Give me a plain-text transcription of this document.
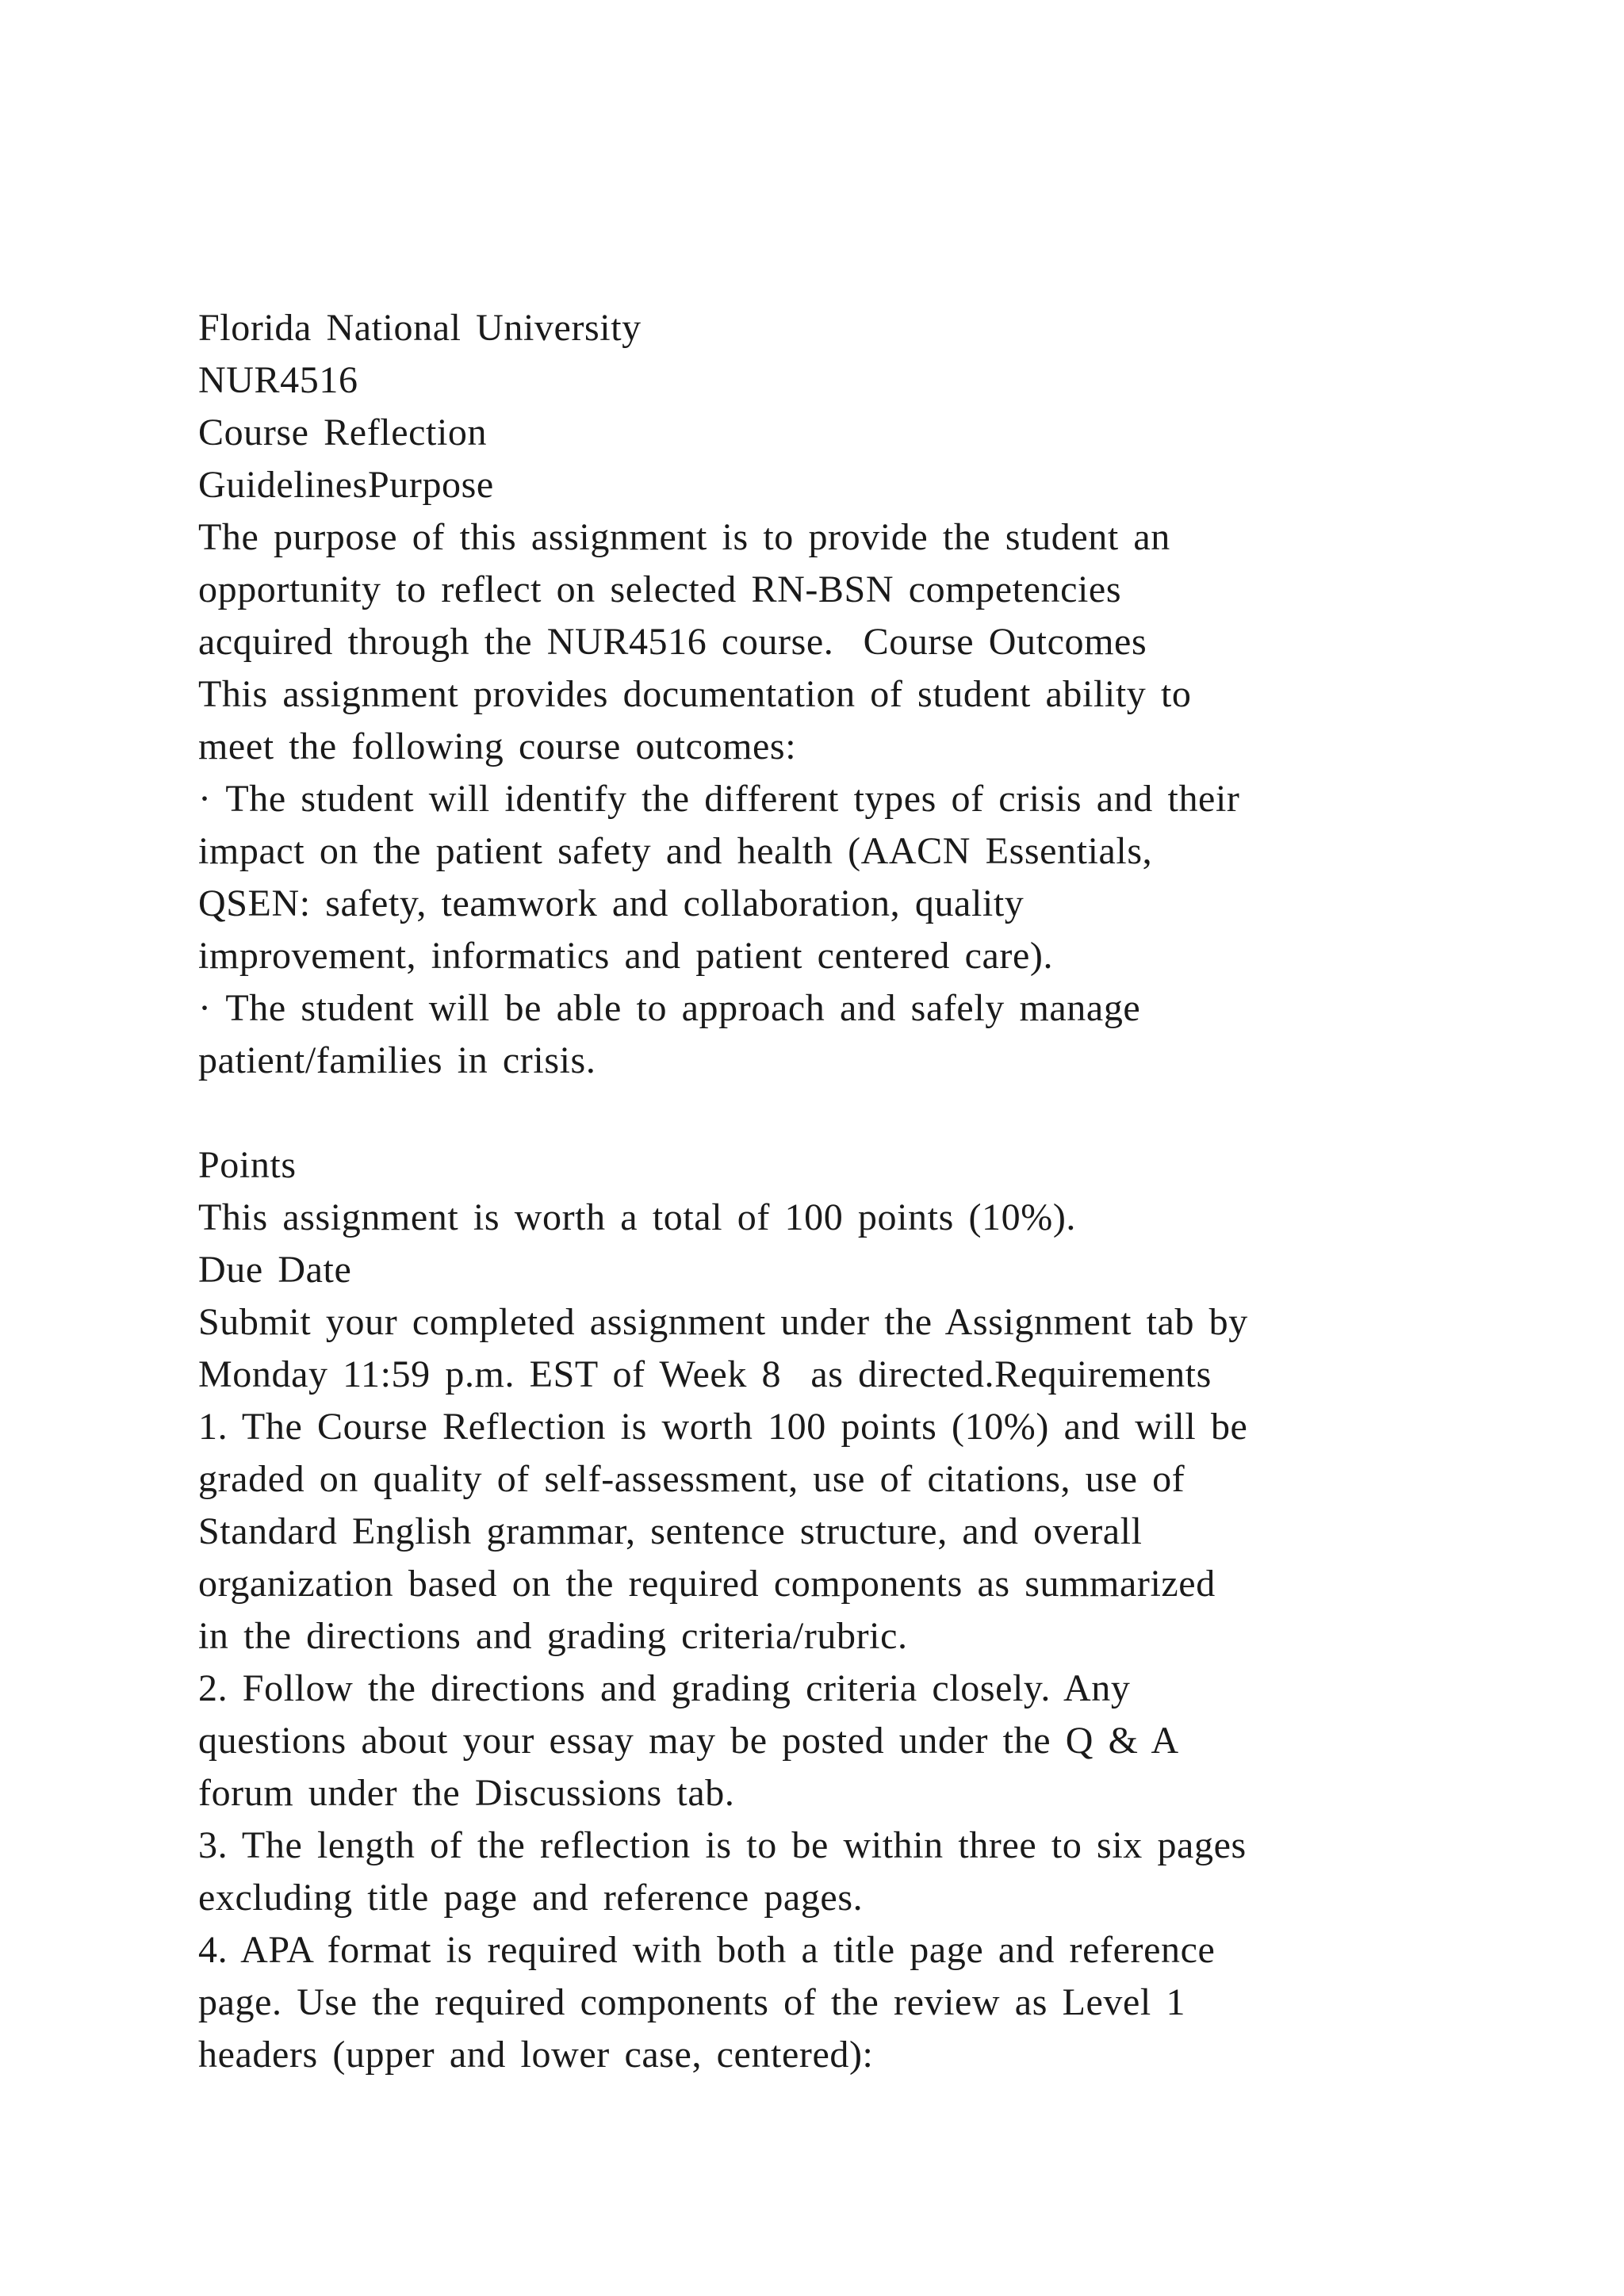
Florida National University
NUR4516
Course Reflection
GuidelinesPurpose
The purpose of this assignment is to provide the student an
opportunity to reflect on selected RN-BSN competencies
acquired through the NUR4516 course.  Course Outcomes
This assignment provides documentation of student ability to
meet the following course outcomes:
· The student will identify the different types of crisis and their
impact on the patient safety and health (AACN Essentials,
QSEN: safety, teamwork and collaboration, quality
improvement, informatics and patient centered care).
· The student will be able to approach and safely manage
patient/families in crisis.
Points
This assignment is worth a total of 100 points (10%).
Due Date
Submit your completed assignment under the Assignment tab by
Monday 11:59 p.m. EST of Week 8  as directed.Requirements
1. The Course Reflection is worth 100 points (10%) and will be
graded on quality of self-assessment, use of citations, use of
Standard English grammar, sentence structure, and overall
organization based on the required components as summarized
in the directions and grading criteria/rubric.
2. Follow the directions and grading criteria closely. Any
questions about your essay may be posted under the Q & A
forum under the Discussions tab.
3. The length of the reflection is to be within three to six pages
excluding title page and reference pages.
4. APA format is required with both a title page and reference
page. Use the required components of the review as Level 1
headers (upper and lower case, centered):
